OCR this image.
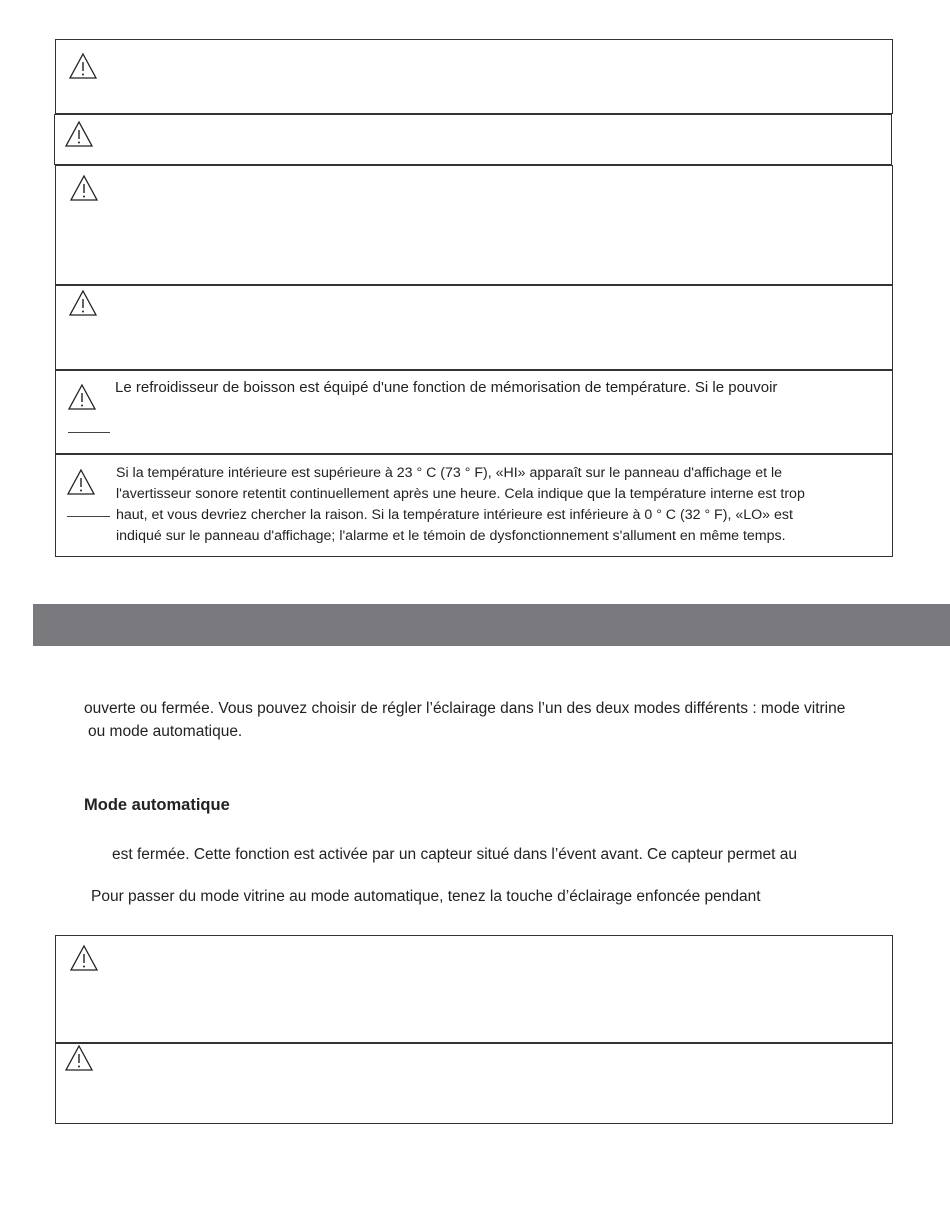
Le refroidisseur de boisson est équipé d'une fonction de mémorisation de température. Si le pouvoir
Si la température intérieure est supérieure à 23 ° C (73 ° F), «HI» apparaît sur le panneau d'affichage et le
l'avertisseur sonore retentit continuellement après une heure. Cela indique que la température interne est trop
haut, et vous devriez chercher la raison. Si la température intérieure est inférieure à 0 ° C (32 ° F), «LO» est
indiqué sur le panneau d'affichage; l'alarme et le témoin de dysfonctionnement s'allument en même temps.
ouverte ou fermée. Vous pouvez choisir de régler l’éclairage dans l’un des deux modes différents : mode vitrine
ou mode automatique.
Mode automatique
est fermée. Cette fonction est activée par un capteur situé dans l’évent avant. Ce capteur permet au
Pour passer du mode vitrine au mode automatique, tenez la touche d’éclairage enfoncée pendant
